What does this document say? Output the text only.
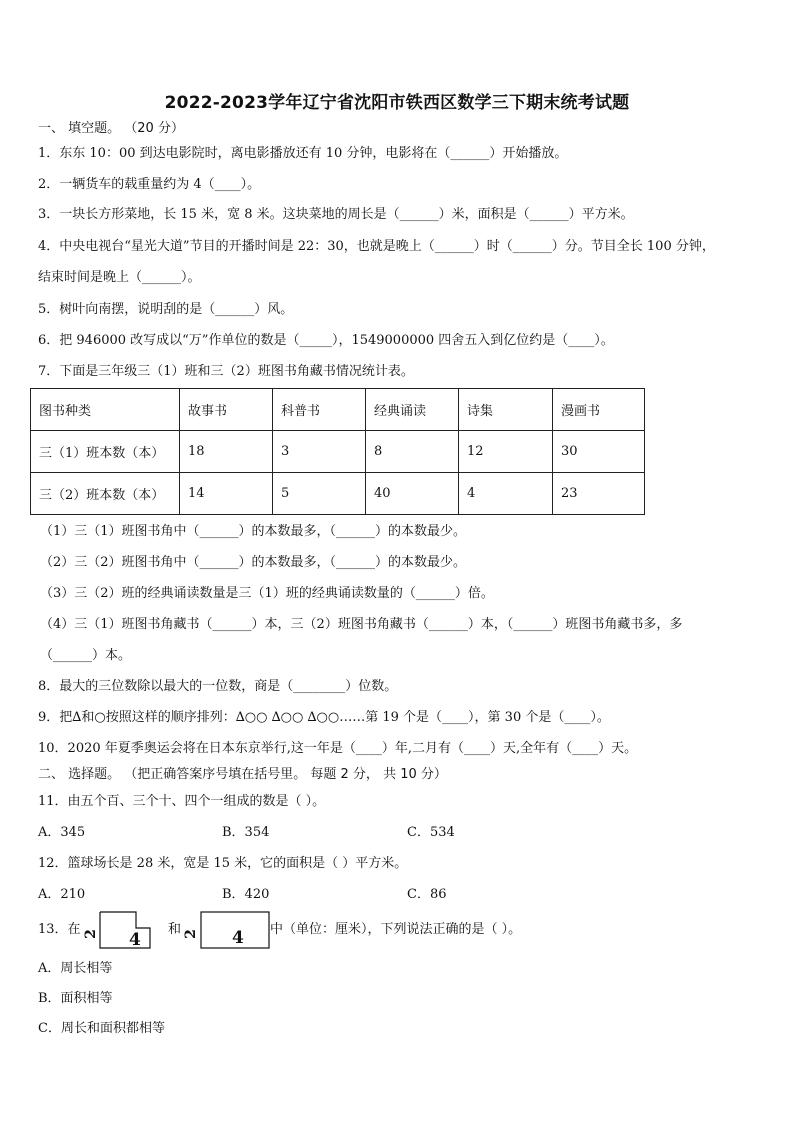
2022-2023学年辽宁省沈阳市铁西区数学三下期末统考试题
一、 填空题。 （20 分）
1．东东 10：00 到达电影院时，离电影播放还有 10 分钟，电影将在（______）开始播放。
2．一辆货车的载重量约为 4（____）。
3．一块长方形菜地，长 15 米，宽 8 米。这块菜地的周长是（______）米，面积是（______）平方米。
4．中央电视台“星光大道”节目的开播时间是 22：30，也就是晚上（______）时（______）分。节目全长 100 分钟，
结束时间是晚上（______）。
5．树叶向南摆，说明刮的是（______）风。
6．把 946000 改写成以“万”作单位的数是（_____），1549000000 四舍五入到亿位约是（____）。
7．下面是三年级三（1）班和三（2）班图书角藏书情况统计表。
图书种类	故事书	科普书	经典诵读	诗集	漫画书
三（1）班本数（本）	18	3	8	12	30
三（2）班本数（本）	14	5	40	4	23
（1）三（1）班图书角中（______）的本数最多，（______）的本数最少。
（2）三（2）班图书角中（______）的本数最多，（______）的本数最少。
（3）三（2）班的经典诵读数量是三（1）班的经典诵读数量的（______）倍。
（4）三（1）班图书角藏书（______）本，三（2）班图书角藏书（______）本，（______）班图书角藏书多，多
（______）本。
8．最大的三位数除以最大的一位数，商是（________）位数。
9．把∆和○按照这样的顺序排列：∆○○ ∆○○ ∆○○……第 19 个是（____），第 30 个是（____）。
10．2020 年夏季奥运会将在日本东京举行,这一年是（____）年,二月有（____）天,全年有（____）天。
二、 选择题。 （把正确答案序号填在括号里。 每题 2 分， 共 10 分）
11．由五个百、三个十、四个一组成的数是（ ）。
A．345	B．354	C．534
12．篮球场长是 28 米，宽是 15 米，它的面积是（ ）平方米。
A．210	B．420	C．86
13．在 2 4
和 2 4 中（单位：厘米），下列说法正确的是（ ）。
A．周长相等
B．面积相等
C．周长和面积都相等
